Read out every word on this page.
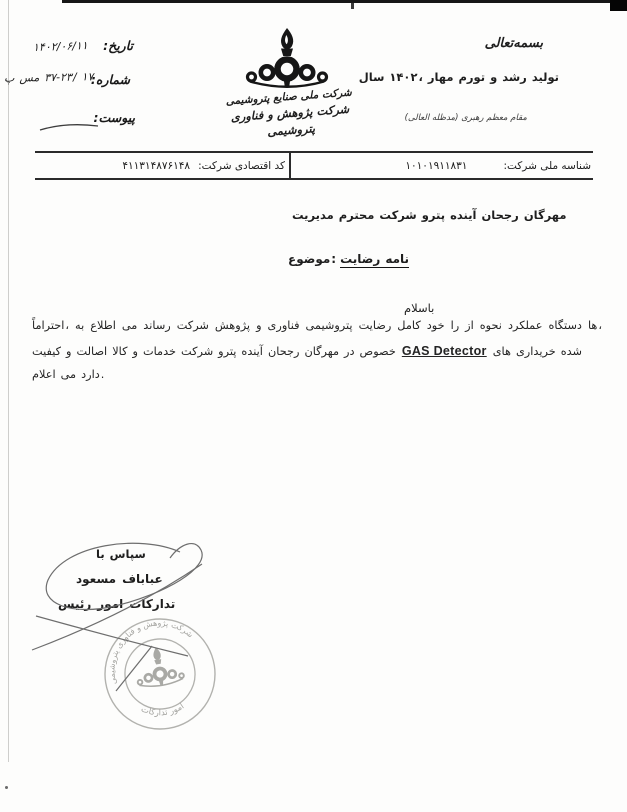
بسمه‌تعالی
سال ۱۴۰۲ ، مهار تورم و رشد تولید
مقام معظم رهبری (مدظله العالی)
شرکت ملی صنایع پتروشیمی
شرکت پژوهش و فناوری پتروشیمی
تاریخ:
۱۴۰۲/۰۶/۱۱
شماره:
پ مس ۳۷-۲۳ / ۱۷
پیوست:
شناسه ملی شرکت:
۱۰۱۰۱۹۱۱۸۳۱
کد اقتصادی شرکت:
۴۱۱۳۱۴۸۷۶۱۴۸
مدیریت محترم شرکت پترو آینده رجحان مهرگان
موضوع : رضایت نامه
باسلام
احتراماً ، به اطلاع می رساند شرکت پژوهش و فناوری پتروشیمی رضایت کامل خود را از نحوه عملکرد دستگاه ها ،
کیفیت و اصالت کالا و خدمات شرکت پترو آینده رجحان مهرگان در خصوص GAS Detector های خریداری شده
اعلام می دارد .
با سپاس
مسعود عباباف
رئیس امور تدارکات
شرکت پژوهش و فناوری پتروشیمی
امور تدارکات
